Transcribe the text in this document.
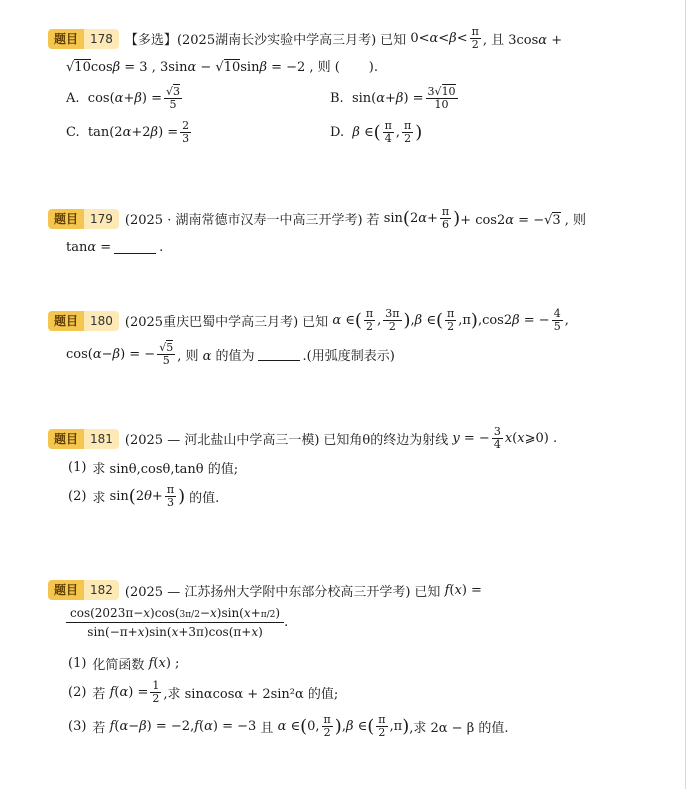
题目	178 【多选】 (2025湖南长沙实验中学高三月考) 已知 $0<\alpha<\beta< \frac{\pi}{2}$ , 且 3cosα +
√10cosβ = 3 , 3sinα − √10sinβ = −2 , 则 (       ).
A. $\cos(\alpha+\beta) = \frac{√3}{5}$	B. $\sin(\alpha+\beta) = \frac{3√10}{10}$
C. $\tan(2\alpha+2\beta) = \frac{2}{3}$	D. β ∈ ( $\frac{\pi}{4}$ , $\frac{\pi}{2}$ )
题目	179 (2025 · 湖南常德市汉寿一中高三开学考) 若 sin ( $2\alpha+ \frac{\pi}{6}$ ) + cos2α = −√3 , 则
tanα =	.
题目	180 (2025重庆巴蜀中学高三月考) 已知 α ∈ ( $\frac{\pi}{2}$ , $\frac{3\pi}{2}$ ) ,β ∈ ( $\frac{\pi}{2} ,\pi$ ) ,cos2β = − $\frac{4}{5}$ ,
cos(α−β) = − $\frac{√5}{5}$ , 则 α 的值为	.(用弧度制表示)
题目	181 (2025 — 河北盐山中学高三一模) 已知角θ的终边为射线 y = − $\frac{3}{4}$ x(x⩾0) .
(1) 求 sinθ,cosθ,tanθ 的值;
(2) 求 sin ( $2\theta+ \frac{\pi}{3}$ ) 的值.
题目	182 (2025 — 江苏扬州大学附中东部分校高三开学考) 已知 f(x) =
cos(2023π−x)cos(3π/2−x)sin(x+π/2)
sin(−π+x)sin(x+3π)cos(π+x)
.
(1) 化简函数 f(x) ;
(2) 若 $f(\alpha) = \frac{1}{2}$ ,求 sinαcosα + 2sin²α 的值;
(3) 若 f(α−β) = −2,f(α) = −3 且 α ∈ ( 0, $\frac{\pi}{2}$ ) ,β ∈ ( $\frac{\pi}{2} ,\pi$ ) ,求 2α − β 的值.
